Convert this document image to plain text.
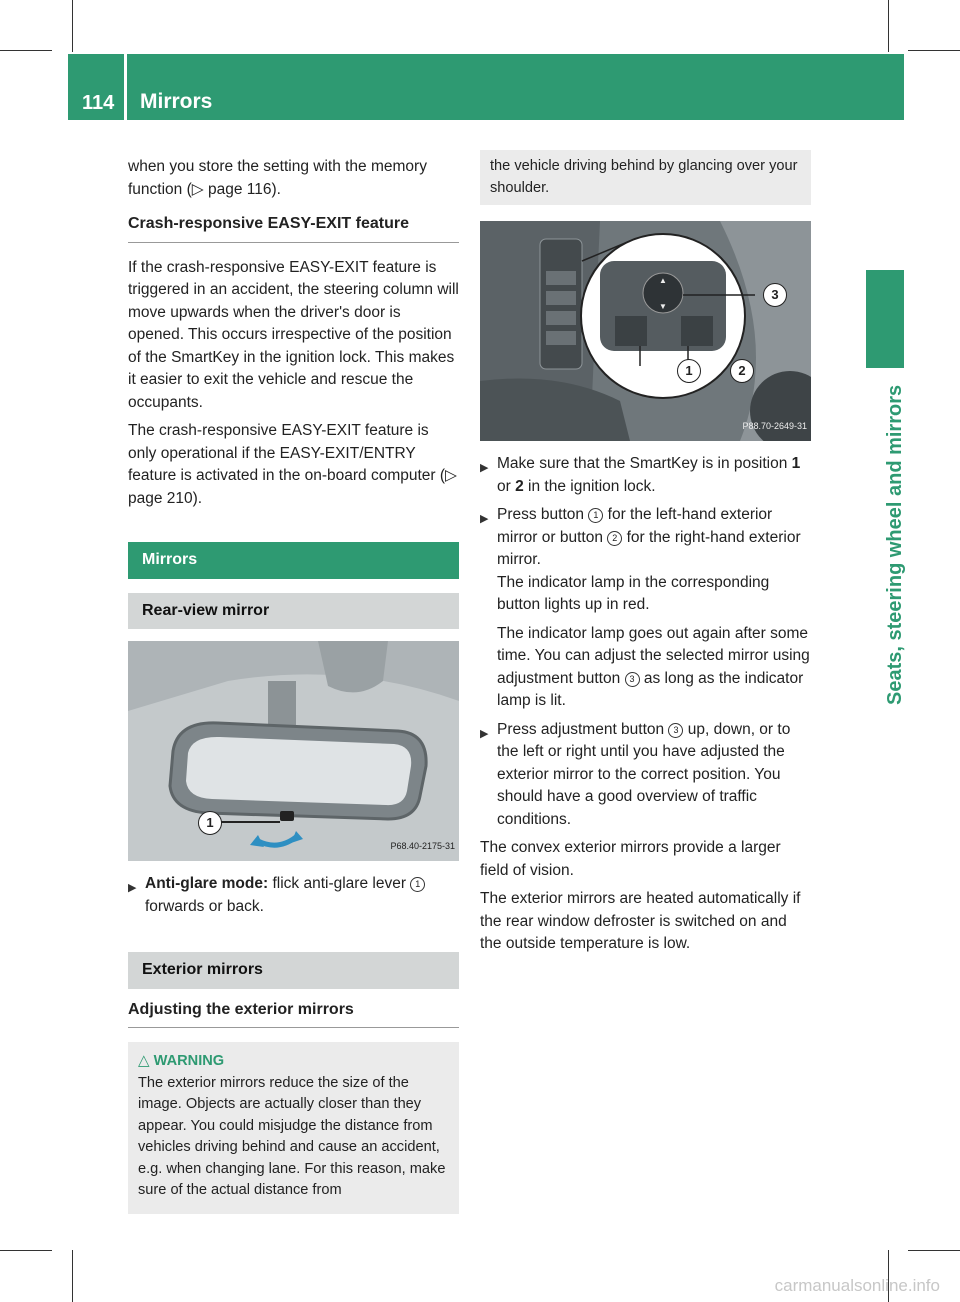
114 Mirrors
Seats, steering wheel and mirrors

when you store the setting with the memory function (▷ page 116).

Crash-responsive EASY-EXIT feature

If the crash-responsive EASY-EXIT feature is triggered in an accident, the steering column will move upwards when the driver's door is opened. This occurs irrespective of the position of the SmartKey in the ignition lock. This makes it easier to exit the vehicle and rescue the occupants.

The crash-responsive EASY-EXIT feature is only operational if the EASY-EXIT/ENTRY feature is activated in the on-board computer (▷ page 210).

Mirrors
Rear-view mirror
1
P68.40-2175-31

▶ Anti-glare mode: flick anti-glare lever 1 forwards or back.

Exterior mirrors
Adjusting the exterior mirrors
△ WARNING
The exterior mirrors reduce the size of the image. Objects are actually closer than they appear. You could misjudge the distance from vehicles driving behind and cause an accident, e.g. when changing lane. For this reason, make sure of the actual distance from
the vehicle driving behind by glancing over your shoulder.
▲
▼
1	2
3
P88.70-2649-31

▶ Make sure that the SmartKey is in position 1 or 2 in the ignition lock.

▶ Press button 1 for the left-hand exterior mirror or button 2 for the right-hand exterior mirror.
The indicator lamp in the corresponding button lights up in red.

The indicator lamp goes out again after some time. You can adjust the selected mirror using adjustment button 3 as long as the indicator lamp is lit.

▶ Press adjustment button 3 up, down, or to the left or right until you have adjusted the exterior mirror to the correct position. You should have a good overview of traffic conditions.

The convex exterior mirrors provide a larger field of vision.

The exterior mirrors are heated automatically if the rear window defroster is switched on and the outside temperature is low.

carmanualsonline.info
